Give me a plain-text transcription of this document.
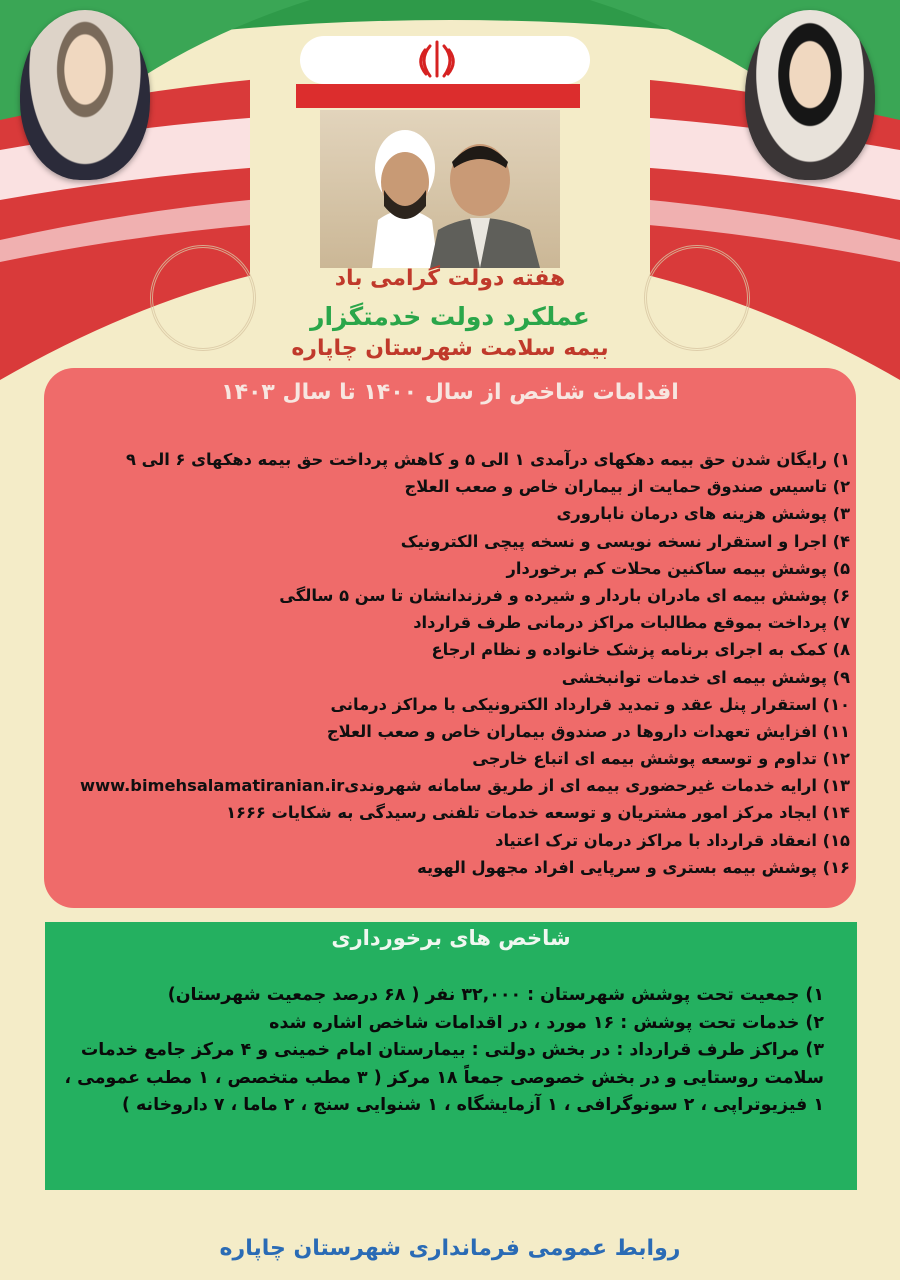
هفته دولت گرامی باد
عملکرد دولت خدمتگزار
بیمه سلامت شهرستان چاپاره
اقدامات شاخص از سال ۱۴۰۰ تا سال ۱۴۰۳
۱) رایگان شدن حق بیمه دهکهای درآمدی ۱ الی ۵ و کاهش پرداخت حق بیمه دهکهای ۶ الی ۹
۲) تاسیس صندوق حمایت از بیماران خاص و صعب العلاج
۳) پوشش هزینه های درمان ناباروری
۴) اجرا و استقرار نسخه نویسی و نسخه پیچی الکترونیک
۵) پوشش بیمه ساکنین محلات کم برخوردار
۶) پوشش بیمه ای مادران باردار و شیرده و فرزندانشان تا سن ۵ سالگی
۷) پرداخت بموقع مطالبات مراکز درمانی طرف قرارداد
۸) کمک به اجرای برنامه پزشک خانواده و نظام ارجاع
۹) پوشش بیمه ای خدمات توانبخشی
۱۰) استقرار پنل عقد و تمدید قرارداد الکترونیکی با مراکز درمانی
۱۱) افزایش تعهدات داروها در صندوق بیماران خاص و صعب العلاج
۱۲) تداوم و توسعه پوشش بیمه ای اتباع خارجی
۱۳) ارایه خدمات غیرحضوری بیمه ای از طریق سامانه شهروندیwww.bimehsalamatiranian.ir
۱۴) ایجاد مرکز امور مشتریان و توسعه خدمات تلفنی رسیدگی به شکایات ۱۶۶۶
۱۵) انعقاد قرارداد با مراکز درمان ترک اعتیاد
۱۶) پوشش بیمه بستری و سرپایی افراد مجهول الهویه
شاخص های برخورداری

۱) جمعیت تحت پوشش شهرستان : ۳۲,۰۰۰ نفر ( ۶۸ درصد جمعیت شهرستان)

۲) خدمات تحت پوشش : ۱۶ مورد ، در اقدامات شاخص اشاره شده

۳) مراکز طرف قرارداد : در بخش دولتی : بیمارستان امام خمینی و ۴ مرکز جامع خدمات سلامت روستایی و در بخش خصوصی جمعاً ۱۸ مرکز ( ۳ مطب متخصص ، ۱ مطب عمومی ، ۱ فیزیوتراپی ، ۲ سونوگرافی ، ۱ آزمایشگاه ، ۱ شنوایی سنج ، ۲ ماما ، ۷ داروخانه )

روابط عمومی فرمانداری شهرستان چاپاره
